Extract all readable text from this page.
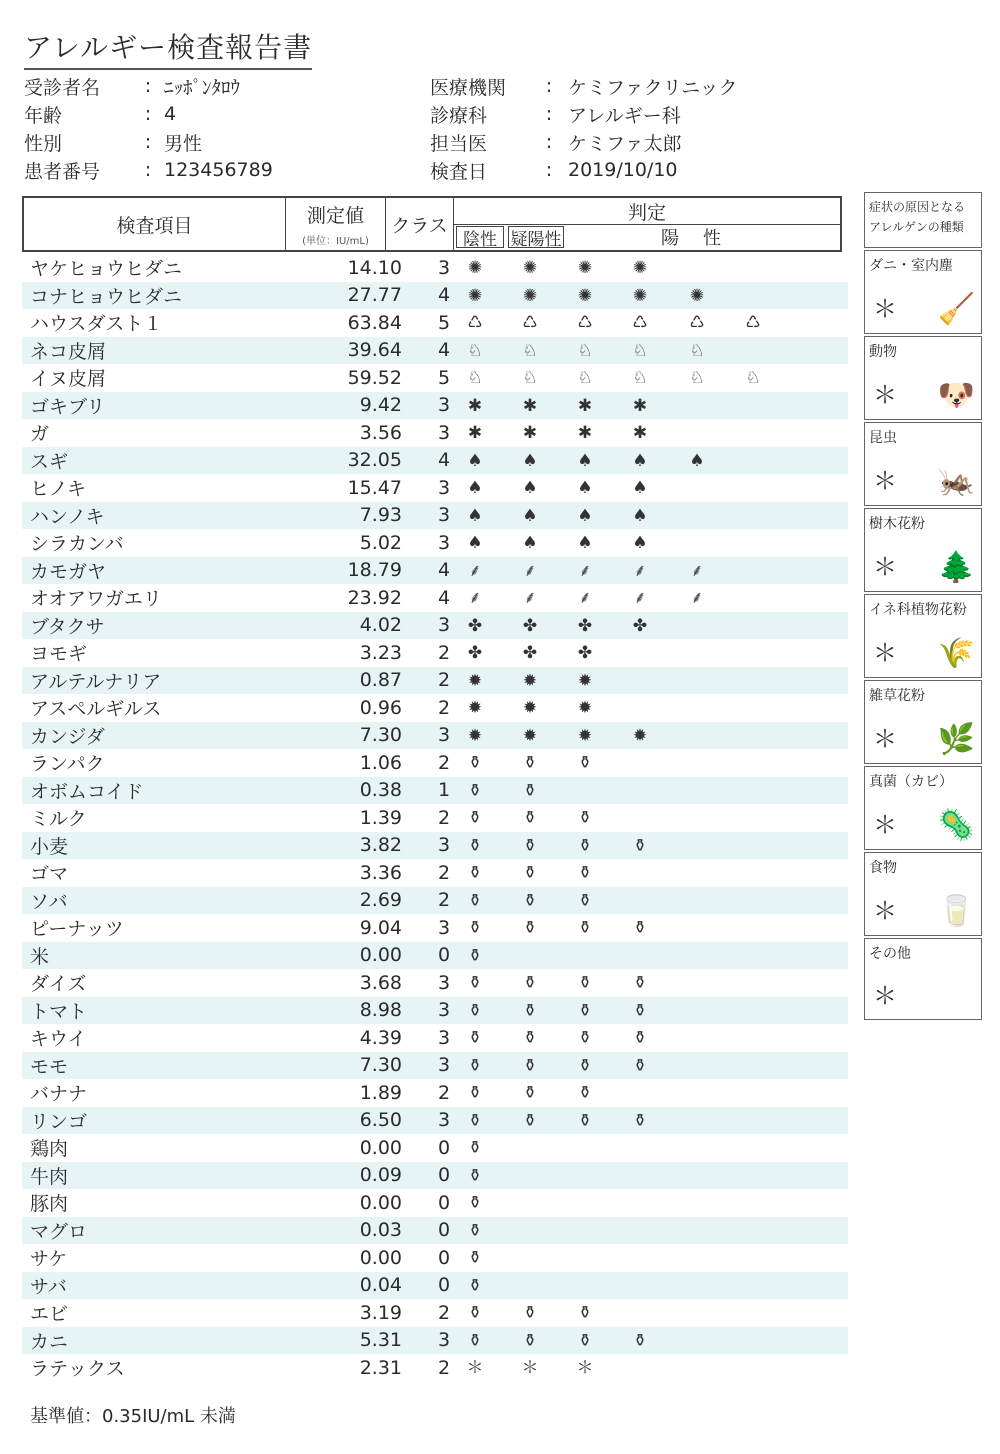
アレルギー検査報告書
受診者名	: ﾆｯﾎﾟﾝﾀﾛｳ
年齢	: 4
性別	: 男性
患者番号	: 123456789
医療機関	: ケミファクリニック
診療科	: アレルギー科
担当医	: ケミファ太郎
検査日	: 2019/10/10
検査項目	測定値
(単位：IU/mL)
クラス
判定
陰性 疑陽性	陽性
ヤケヒョウヒダニ	14.10	3	✺ ✺ ✺ ✺
コナヒョウヒダニ	27.77	4	✺ ✺ ✺ ✺	✺
ハウスダスト１	63.84	5	♺ ♺ ♺ ♺ ♺ ♺
ネコ皮屑	39.64	4	♘ ♘ ♘ ♘ ♘
イヌ皮屑	59.52	5	♘ ♘ ♘ ♘ ♘ ♘
ゴキブリ	9.42	3	✱ ✱ ✱ ✱
ガ	3.56	3	✱ ✱ ✱ ✱
スギ	32.05	4	♠ ♠ ♠ ♠ ♠
ヒノキ	15.47	3	♠ ♠ ♠ ♠
ハンノキ	7.93	3	♠ ♠ ♠ ♠
シラカンバ	5.02	3	♠ ♠ ♠ ♠
カモガヤ	18.79	4	⸙ ⸙ ⸙ ⸙	⸙
オオアワガエリ	23.92	4	⸙ ⸙ ⸙ ⸙	⸙
ブタクサ	4.02	3	✤ ✤ ✤ ✤
ヨモギ	3.23	2	✤ ✤ ✤
アルテルナリア	0.87	2	✹ ✹ ✹
アスペルギルス	0.96	2	✹ ✹ ✹
カンジダ	7.30	3	✹ ✹ ✹ ✹
ランパク	1.06	2	⚱ ⚱ ⚱
オボムコイド	0.38	1	⚱ ⚱
ミルク	1.39	2	⚱ ⚱ ⚱
小麦	3.82	3	⚱ ⚱ ⚱ ⚱
ゴマ	3.36	2	⚱ ⚱ ⚱
ソバ	2.69	2	⚱ ⚱ ⚱
ピーナッツ	9.04	3	⚱ ⚱ ⚱ ⚱
米	0.00	0	⚱
ダイズ	3.68	3	⚱ ⚱ ⚱ ⚱
トマト	8.98	3	⚱ ⚱ ⚱ ⚱
キウイ	4.39	3	⚱ ⚱ ⚱ ⚱
モモ	7.30	3	⚱ ⚱ ⚱ ⚱
バナナ	1.89	2	⚱ ⚱ ⚱
リンゴ	6.50	3	⚱ ⚱ ⚱ ⚱
鶏肉	0.00	0	⚱
牛肉	0.09	0	⚱
豚肉	0.00	0	⚱
マグロ	0.03	0	⚱
サケ	0.00	0	⚱
サバ	0.04	0	⚱
エビ	3.19	2	⚱ ⚱ ⚱
カニ	5.31	3	⚱ ⚱ ⚱ ⚱
ラテックス	2.31	2 ＊ ＊ ＊
基準値：0.35IU/mL 未満
症状の原因となるアレルゲンの種類
ダニ・室内塵
＊ 🧹
動物
＊ 🐶
昆虫
＊ 🦗
樹木花粉
＊ 🌲
イネ科植物花粉
＊ 🌾
雑草花粉
＊ 🌿
真菌（カビ）
＊ 🦠
食物
＊ 🥛
その他
＊
